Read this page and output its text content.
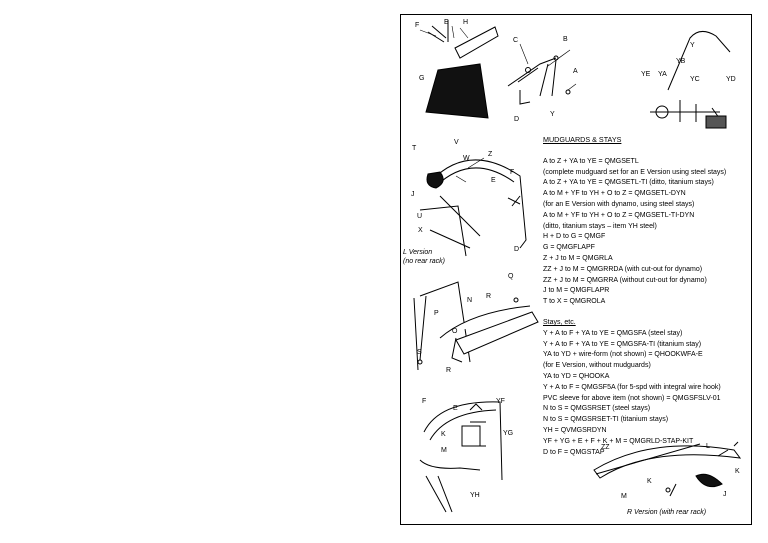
F	E H
G
C	B
A
D
Y
Y
YA
YB
YC	YD
YE
V
T
W
Z
J
E
F
U
X
D
Q
R
N
P
O
S
R
F	YF
E
K	YG
M
YH
ZZ	L
K
K
M	J
L Version
(no rear rack)
R Version (with rear rack)
MUDGUARDS & STAYS
A to Z + YA to YE = QMGSETL
(complete mudguard set for an E Version using steel stays)
A to Z + YA to YE = QMGSETL-TI (ditto, titanium stays)
A to M + YF to YH + O to Z = QMGSETL-DYN
(for an E Version with dynamo, using steel stays)
A to M + YF to YH + O to Z = QMGSETL-TI-DYN
(ditto, titanium stays – item YH steel)
H + D to G = QMGF
G = QMGFLAPF
Z + J to M = QMGRLA
ZZ + J to M = QMGRRDA (with cut-out for dynamo)
ZZ + J to M = QMGRRA (without cut-out for dynamo)
J to M = QMGFLAPR
T to X = QMGROLA
Stays, etc.
Y + A to F + YA to YE = QMGSFA (steel stay)
Y + A to F + YA to YE = QMGSFA-TI (titanium stay)
YA to YD + wire-form (not shown) = QHOOKWFA-E
(for E Version, without mudguards)
YA to YD = QHOOKA
Y + A to F = QMGSF5A (for 5-spd with integral wire hook)
PVC sleeve for above item (not shown) = QMGSFSLV-01
N to S = QMGSRSET (steel stays)
N to S = QMGSRSET-TI (titanium stays)
YH = QVMGSRDYN
YF + YG + E + F + K + M = QMGRLD-STAP-KIT
D to F = QMGSTAP
